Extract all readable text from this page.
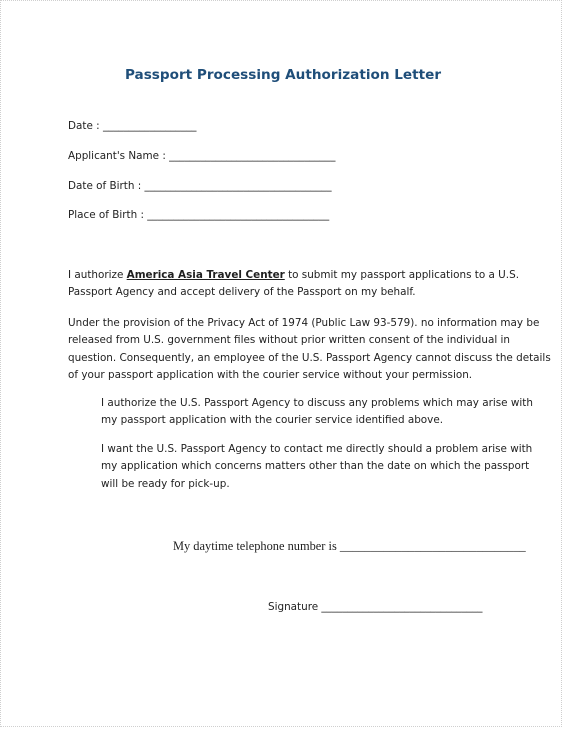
Passport Processing Authorization Letter
Date : __________________
Applicant's Name : ________________________________
Date of Birth : ____________________________________
Place of Birth : ___________________________________
I authorize America Asia Travel Center to submit my passport applications to a U.S.
Passport Agency and accept delivery of the Passport on my behalf.
Under the provision of the Privacy Act of 1974 (Public Law 93-579). no information may be
released from U.S. government files without prior written consent of the individual in
question. Consequently, an employee of the U.S. Passport Agency cannot discuss the details
of your passport application with the courier service without your permission.
I authorize the U.S. Passport Agency to discuss any problems which may arise with
my passport application with the courier service identified above.
I want the U.S. Passport Agency to contact me directly should a problem arise with
my application which concerns matters other than the date on which the passport
will be ready for pick-up.
My daytime telephone number is ______________________________
Signature _______________________________
